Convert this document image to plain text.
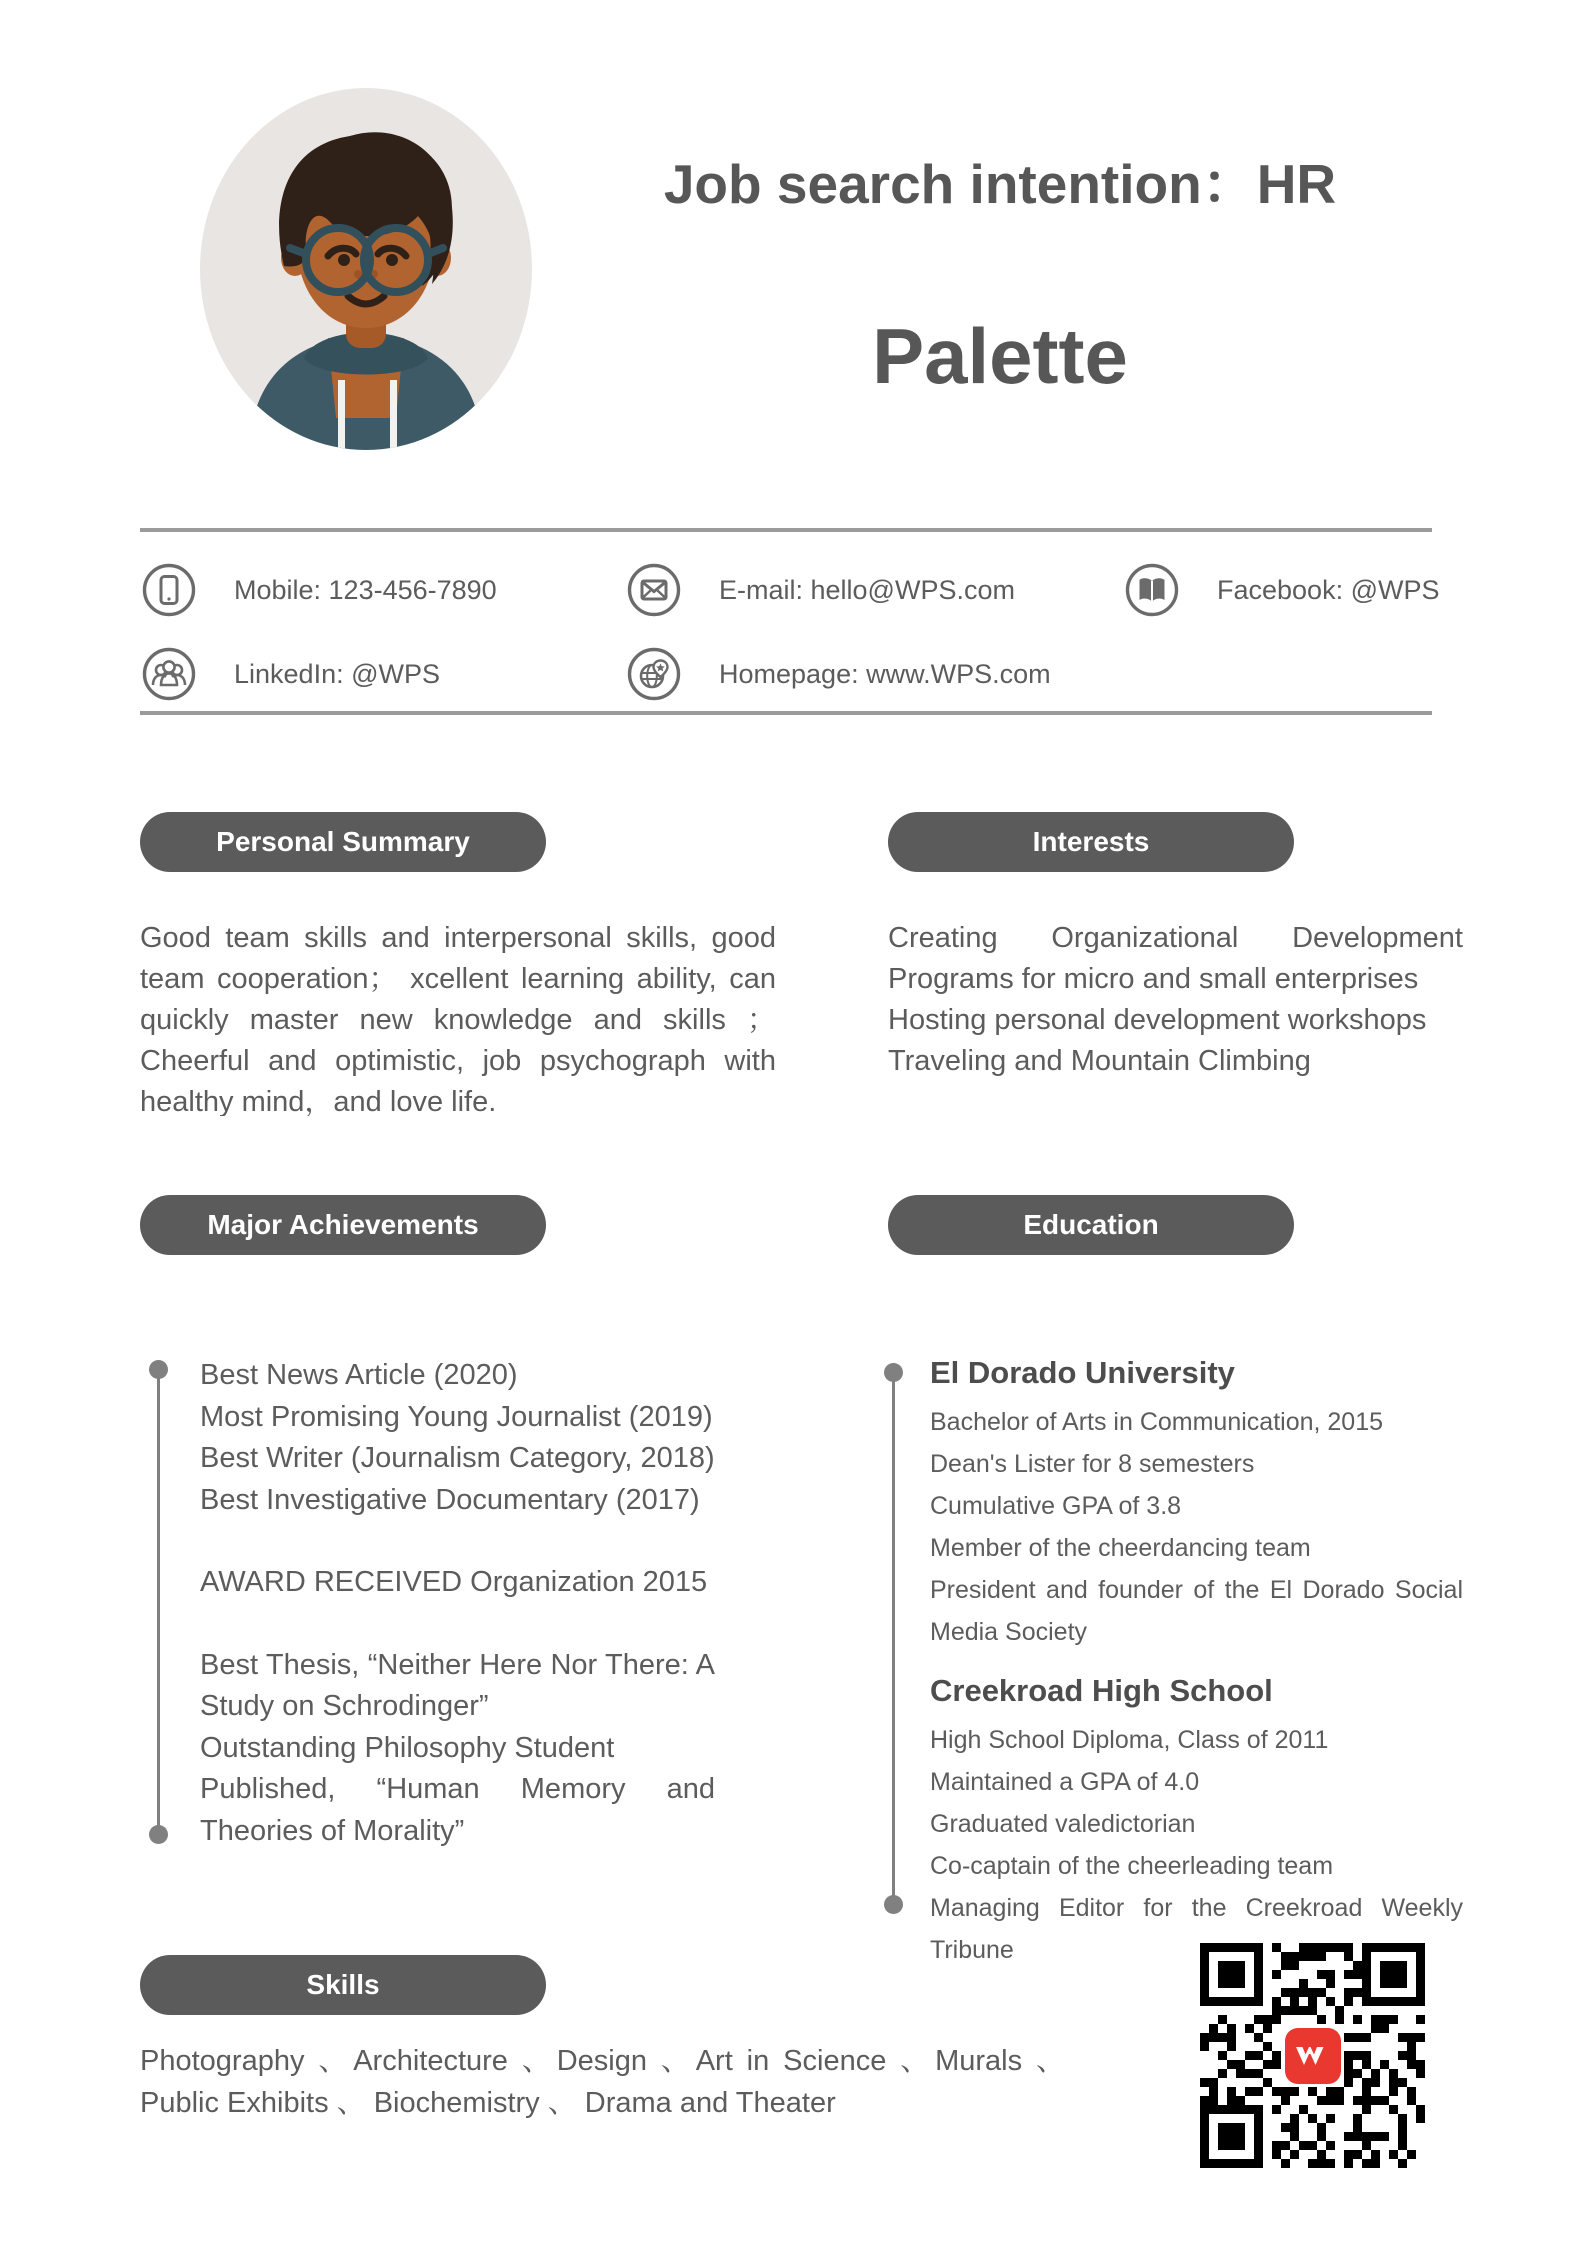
Job search intention：HR
Palette
Mobile: 123-456-7890	E-mail: hello@WPS.com	Facebook: @WPS
LinkedIn: @WPS	Homepage: www.WPS.com
Personal Summary
Good team skills and interpersonal skills, good team cooperation； xcellent learning ability, can quickly master new knowledge and skills ； Cheerful and optimistic, job psychograph with healthy mind，and love life.
Interests

Creating Organizational Development Programs for micro and small enterprises

Hosting personal development workshops

Traveling and Mountain Climbing

Major Achievements

Best News Article (2020)

Most Promising Young Journalist (2019)

Best Writer (Journalism Category, 2018)

Best Investigative Documentary (2017)

AWARD RECEIVED Organization 2015

Best Thesis, “Neither Here Nor There: A Study on Schrodinger”

Outstanding Philosophy Student

Published, “Human Memory and Theories of Morality”

Education

El Dorado University

Bachelor of Arts in Communication, 2015

Dean's Lister for 8 semesters

Cumulative GPA of 3.8

Member of the cheerdancing team

President and founder of the El Dorado Social Media Society

Creekroad High School

High School Diploma, Class of 2011

Maintained a GPA of 4.0

Graduated valedictorian

Co-captain of the cheerleading team

Managing Editor for the Creekroad Weekly Tribune

Skills
Photography 、Architecture 、Design 、Art in Science 、Murals 、Public Exhibits 、 Biochemistry 、 Drama and Theater
